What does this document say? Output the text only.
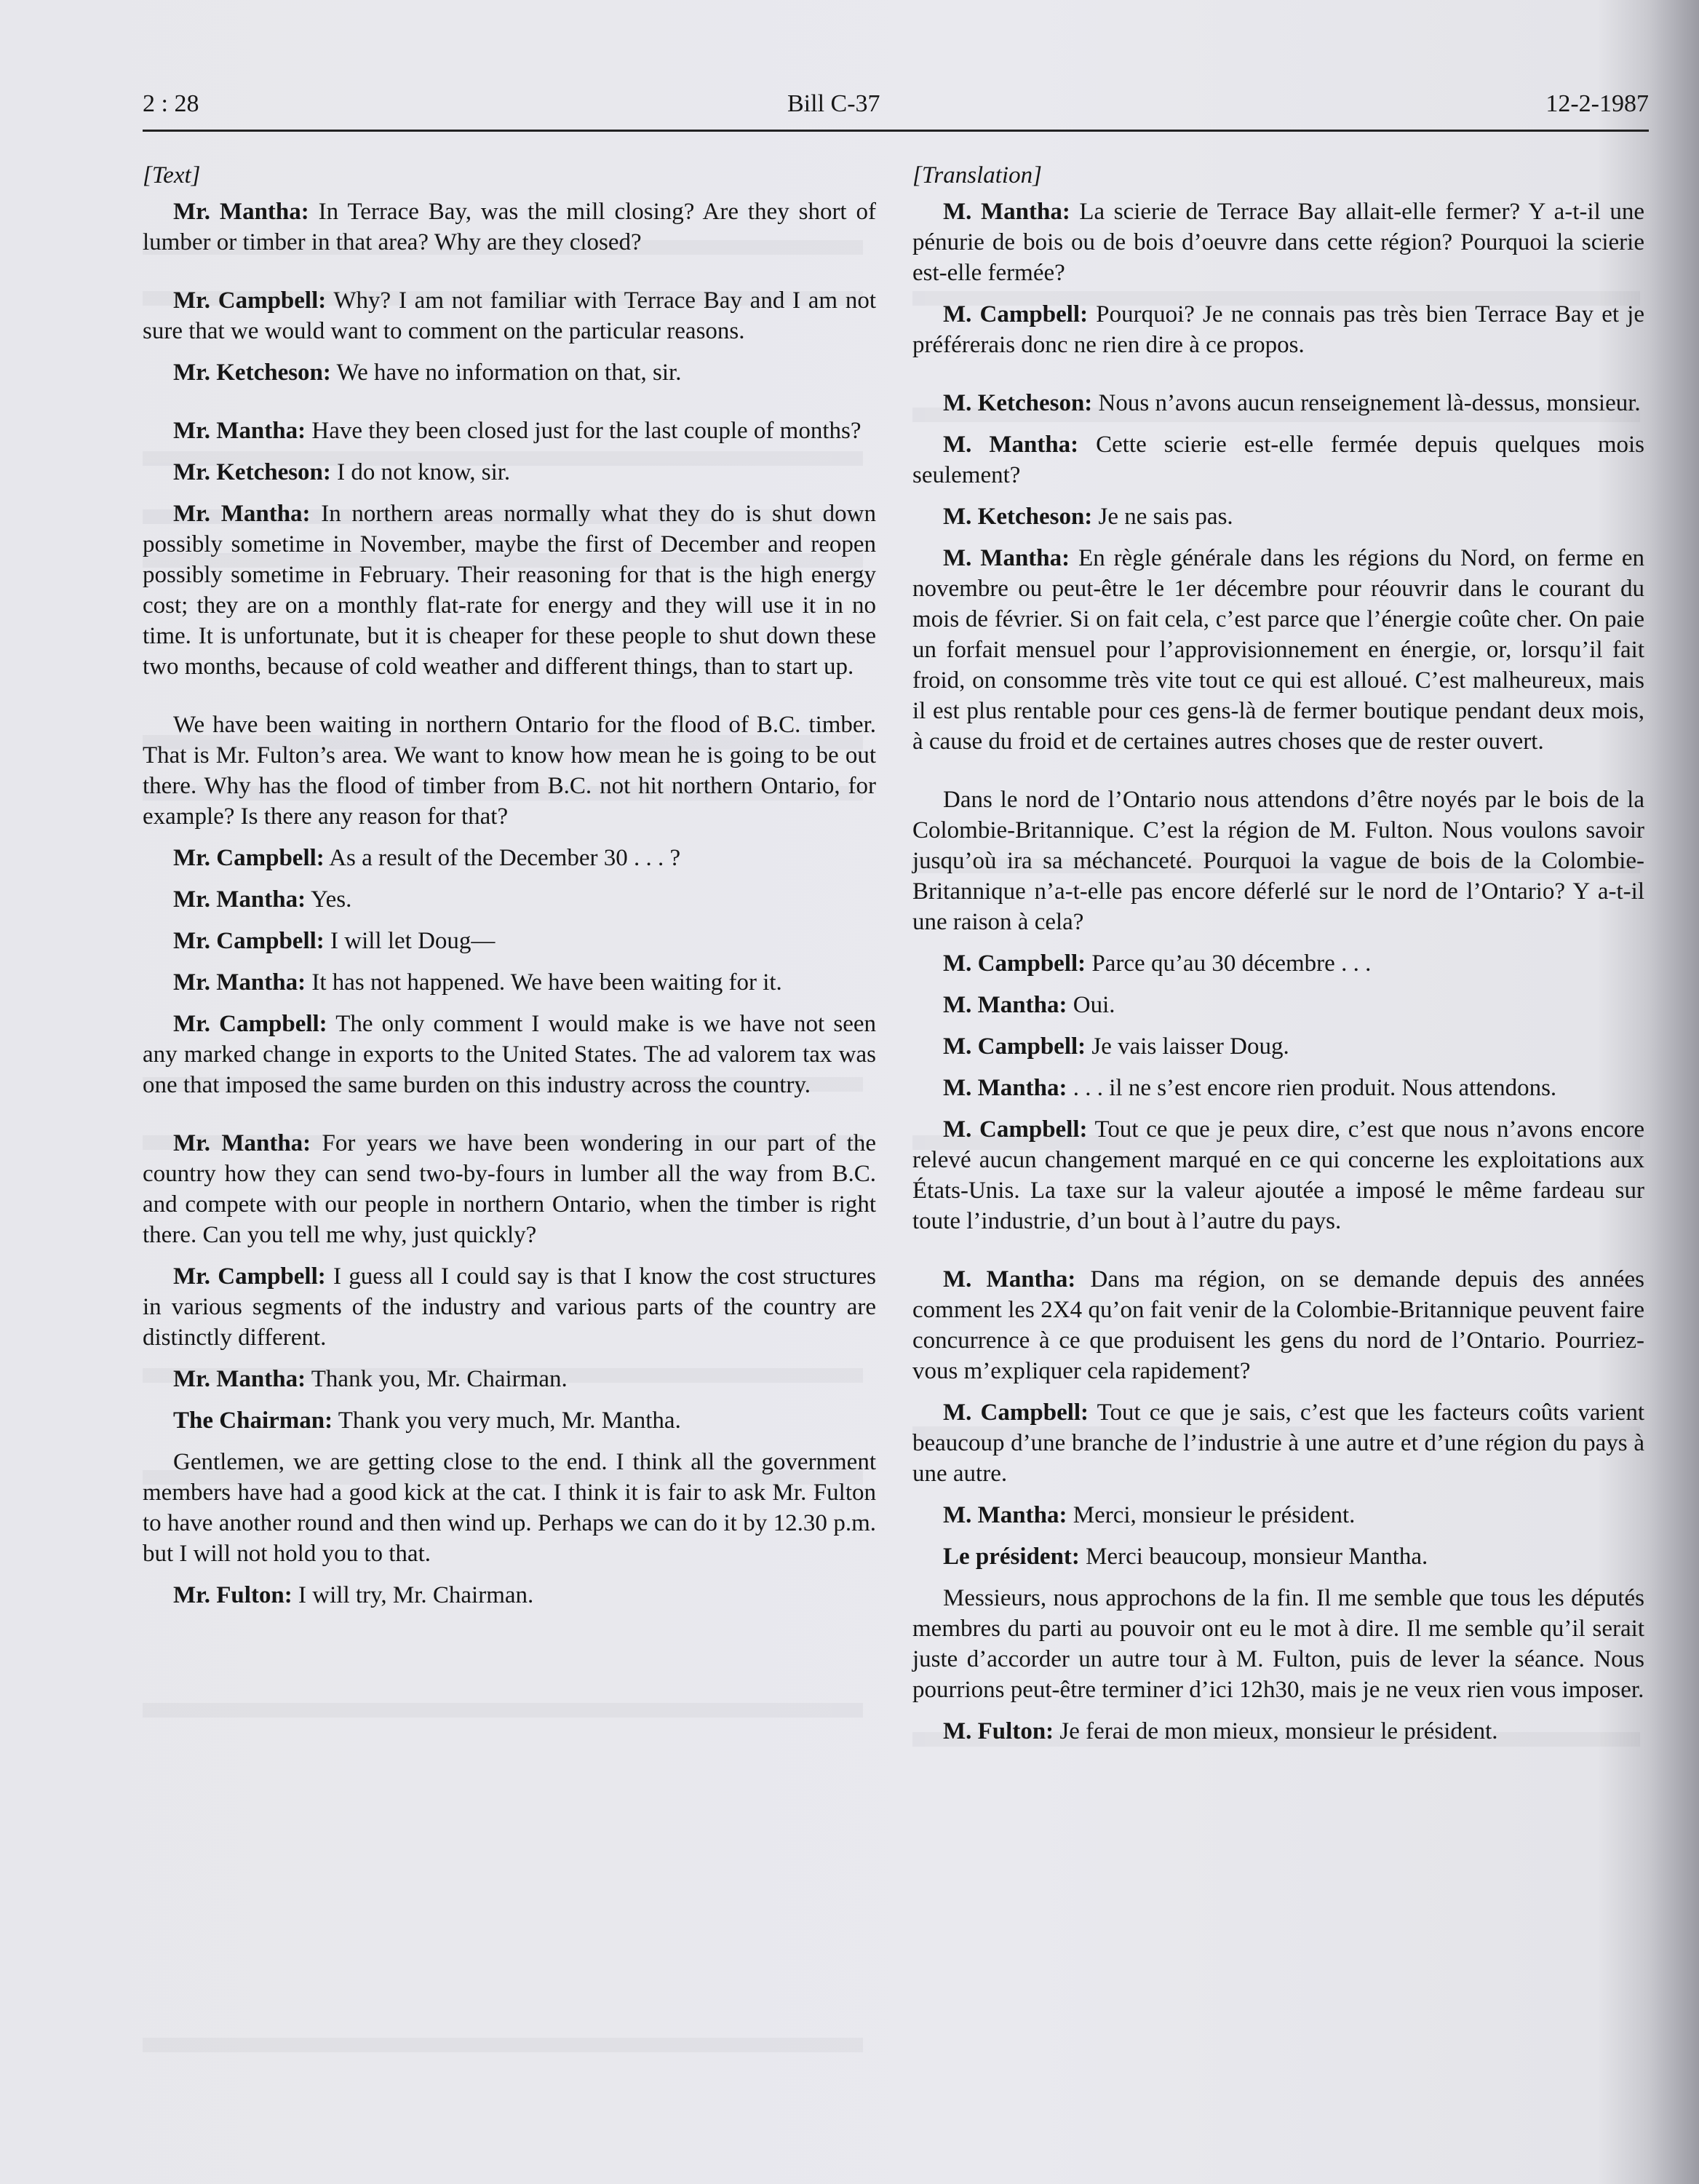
2 : 28	Bill C-37	12-2-1987

[Text]

Mr. Mantha: In Terrace Bay, was the mill closing? Are they short of lumber or timber in that area? Why are they closed?

Mr. Campbell: Why? I am not familiar with Terrace Bay and I am not sure that we would want to comment on the particular reasons.

Mr. Ketcheson: We have no information on that, sir.

Mr. Mantha: Have they been closed just for the last couple of months?

Mr. Ketcheson: I do not know, sir.

Mr. Mantha: In northern areas normally what they do is shut down possibly sometime in November, maybe the first of December and reopen possibly sometime in February. Their reasoning for that is the high energy cost; they are on a monthly flat-rate for energy and they will use it in no time. It is unfortunate, but it is cheaper for these people to shut down these two months, because of cold weather and different things, than to start up.

We have been waiting in northern Ontario for the flood of B.C. timber. That is Mr. Fulton’s area. We want to know how mean he is going to be out there. Why has the flood of timber from B.C. not hit northern Ontario, for example? Is there any reason for that?

Mr. Campbell: As a result of the December 30 . . . ?

Mr. Mantha: Yes.

Mr. Campbell: I will let Doug—

Mr. Mantha: It has not happened. We have been waiting for it.

Mr. Campbell: The only comment I would make is we have not seen any marked change in exports to the United States. The ad valorem tax was one that imposed the same burden on this industry across the country.

Mr. Mantha: For years we have been wondering in our part of the country how they can send two-by-fours in lumber all the way from B.C. and compete with our people in northern Ontario, when the timber is right there. Can you tell me why, just quickly?

Mr. Campbell: I guess all I could say is that I know the cost structures in various segments of the industry and various parts of the country are distinctly different.

Mr. Mantha: Thank you, Mr. Chairman.

The Chairman: Thank you very much, Mr. Mantha.

Gentlemen, we are getting close to the end. I think all the government members have had a good kick at the cat. I think it is fair to ask Mr. Fulton to have another round and then wind up. Perhaps we can do it by 12.30 p.m. but I will not hold you to that.

Mr. Fulton: I will try, Mr. Chairman.

[Translation]

M. Mantha: La scierie de Terrace Bay allait-elle fermer? Y a-t-il une pénurie de bois ou de bois d’oeuvre dans cette région? Pourquoi la scierie est-elle fermée?

M. Campbell: Pourquoi? Je ne connais pas très bien Terrace Bay et je préférerais donc ne rien dire à ce propos.

M. Ketcheson: Nous n’avons aucun renseignement là-dessus, monsieur.

M. Mantha: Cette scierie est-elle fermée depuis quelques mois seulement?

M. Ketcheson: Je ne sais pas.

M. Mantha: En règle générale dans les régions du Nord, on ferme en novembre ou peut-être le 1er décembre pour réouvrir dans le courant du mois de février. Si on fait cela, c’est parce que l’énergie coûte cher. On paie un forfait mensuel pour l’approvisionnement en énergie, or, lorsqu’il fait froid, on consomme très vite tout ce qui est alloué. C’est malheureux, mais il est plus rentable pour ces gens-là de fermer boutique pendant deux mois, à cause du froid et de certaines autres choses que de rester ouvert.

Dans le nord de l’Ontario nous attendons d’être noyés par le bois de la Colombie-Britannique. C’est la région de M. Fulton. Nous voulons savoir jusqu’où ira sa méchanceté. Pourquoi la vague de bois de la Colombie-Britannique n’a-t-elle pas encore déferlé sur le nord de l’Ontario? Y a-t-il une raison à cela?

M. Campbell: Parce qu’au 30 décembre . . .

M. Mantha: Oui.

M. Campbell: Je vais laisser Doug.

M. Mantha: . . . il ne s’est encore rien produit. Nous attendons.

M. Campbell: Tout ce que je peux dire, c’est que nous n’avons encore relevé aucun changement marqué en ce qui concerne les exploitations aux États-Unis. La taxe sur la valeur ajoutée a imposé le même fardeau sur toute l’industrie, d’un bout à l’autre du pays.

M. Mantha: Dans ma région, on se demande depuis des années comment les 2X4 qu’on fait venir de la Colombie-Britannique peuvent faire concurrence à ce que produisent les gens du nord de l’Ontario. Pourriez-vous m’expliquer cela rapidement?

M. Campbell: Tout ce que je sais, c’est que les facteurs coûts varient beaucoup d’une branche de l’industrie à une autre et d’une région du pays à une autre.

M. Mantha: Merci, monsieur le président.

Le président: Merci beaucoup, monsieur Mantha.

Messieurs, nous approchons de la fin. Il me semble que tous les députés membres du parti au pouvoir ont eu le mot à dire. Il me semble qu’il serait juste d’accorder un autre tour à M. Fulton, puis de lever la séance. Nous pourrions peut-être terminer d’ici 12h30, mais je ne veux rien vous imposer.

M. Fulton: Je ferai de mon mieux, monsieur le président.
